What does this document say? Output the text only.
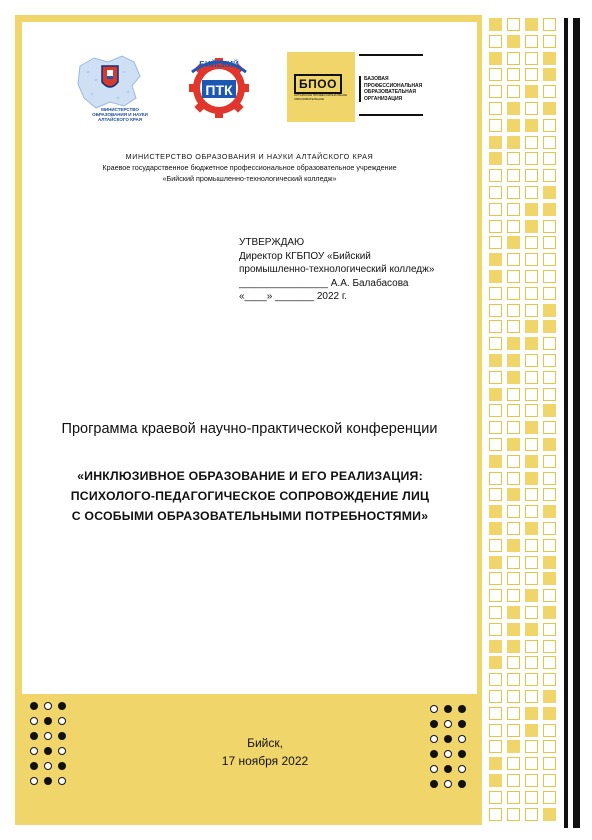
МИНИСТЕРСТВО ОБРАЗОВАНИЯ И НАУКИ АЛТАЙСКОГО КРАЯ
БИЙСКИЙ
ПТК	БПОО
АЛТАЙСКОЕ ПРОФЕССИОНАЛЬНОЕ ОБРАЗОВАТЕЛЬНОЕ
БАЗОВАЯ ПРОФЕССИОНАЛЬНАЯ ОБРАЗОВАТЕЛЬНАЯ ОРГАНИЗАЦИЯ
МИНИСТЕРСТВО ОБРАЗОВАНИЯ И НАУКИ АЛТАЙСКОГО КРАЯ
Краевое государственное бюджетное профессиональное образовательное учреждение
«Бийский промышленно-технологический колледж»
УТВЕРЖДАЮ
Директор КГБПОУ «Бийский
промышленно-технологический колледж»
________________ А.А. Балабасова
«____» _______ 2022 г.
Программа краевой научно-практической конференции
«ИНКЛЮЗИВНОЕ ОБРАЗОВАНИЕ И ЕГО РЕАЛИЗАЦИЯ:
ПСИХОЛОГО-ПЕДАГОГИЧЕСКОЕ СОПРОВОЖДЕНИЕ ЛИЦ
С ОСОБЫМИ ОБРАЗОВАТЕЛЬНЫМИ ПОТРЕБНОСТЯМИ»
Бийск,
17 ноября 2022
